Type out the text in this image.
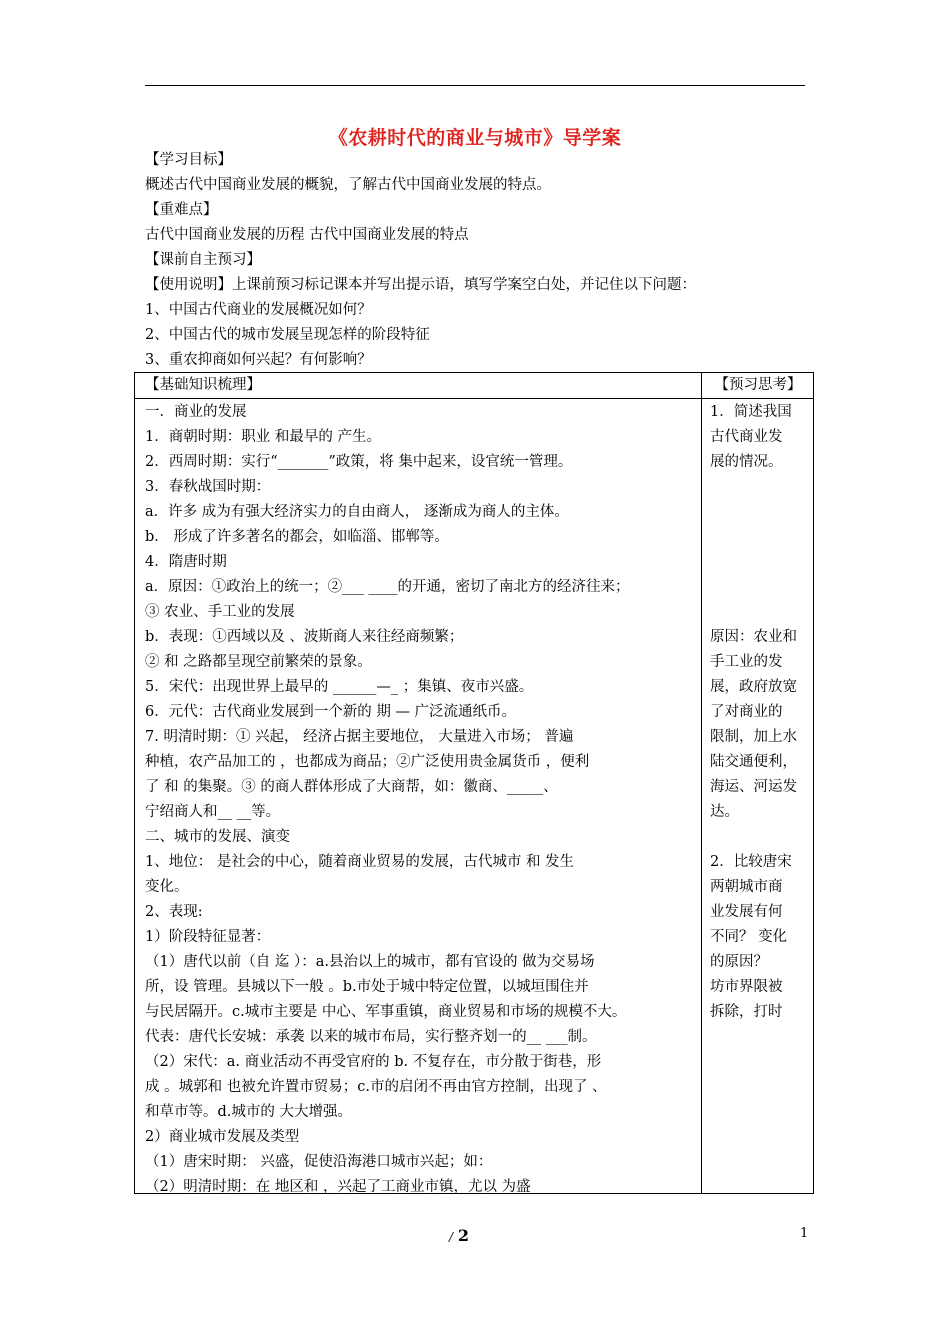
《农耕时代的商业与城市》导学案
【学习目标】
概述古代中国商业发展的概貌，了解古代中国商业发展的特点。
【重难点】
古代中国商业发展的历程 古代中国商业发展的特点
【课前自主预习】
【使用说明】上课前预习标记课本并写出提示语，填写学案空白处，并记住以下问题：
1、中国古代商业的发展概况如何？
2、中国古代的城市发展呈现怎样的阶段特征
3、重农抑商如何兴起？有何影响？
【基础知识梳理】	【预习思考】
一．商业的发展
1．商朝时期：职业 和最早的 产生。
2．西周时期：实行“_______”政策，将 集中起来，设官统一管理。
3．春秋战国时期：
a．许多 成为有强大经济实力的自由商人， 逐渐成为商人的主体。
b． 形成了许多著名的都会，如临淄、邯郸等。
4．隋唐时期
a．原因：①政治上的统一；②___ ____的开通，密切了南北方的经济往来；
③ 农业、手工业的发展
b．表现：①西域以及 、波斯商人来往经商频繁；
② 和 之路都呈现空前繁荣的景象。
5．宋代：出现世界上最早的 ______—_ ；集镇、夜市兴盛。
6．元代：古代商业发展到一个新的 期 — 广泛流通纸币。
7. 明清时期：① 兴起， 经济占据主要地位， 大量进入市场； 普遍
种植，农产品加工的 ，也都成为商品；②广泛使用贵金属货币 ，便利
了 和 的集聚。③ 的商人群体形成了大商帮，如：徽商、_____、
宁绍商人和__ __等。
二、城市的发展、演变
1、地位： 是社会的中心，随着商业贸易的发展，古代城市 和 发生
变化。
2、表现:
1）阶段特征显著：
（1）唐代以前（自 迄 ）：a.县治以上的城市，都有官设的 做为交易场
所，设 管理。县城以下一般 。b.市处于城中特定位置，以城垣围住并
与民居隔开。c.城市主要是 中心、军事重镇，商业贸易和市场的规模不大。
代表：唐代长安城：承袭 以来的城市布局，实行整齐划一的__ ___制。
（2）宋代：a. 商业活动不再受官府的 b. 不复存在，市分散于街巷，形
成 。城郭和 也被允许置市贸易；c.市的启闭不再由官方控制，出现了 、
和草市等。d.城市的 大大增强。
2）商业城市发展及类型
（1）唐宋时期： 兴盛，促使沿海港口城市兴起；如：
（2）明清时期：在 地区和 ，兴起了工商业市镇，尤以 为盛
1．简述我国
古代商业发
展的情况。
原因：农业和
手工业的发
展，政府放宽
了对商业的
限制，加上水
陆交通便利，
海运、河运发
达。
2．比较唐宋
两朝城市商
业发展有何
不同？ 变化
的原因？
坊市界限被
拆除，打时
/ 2	1
